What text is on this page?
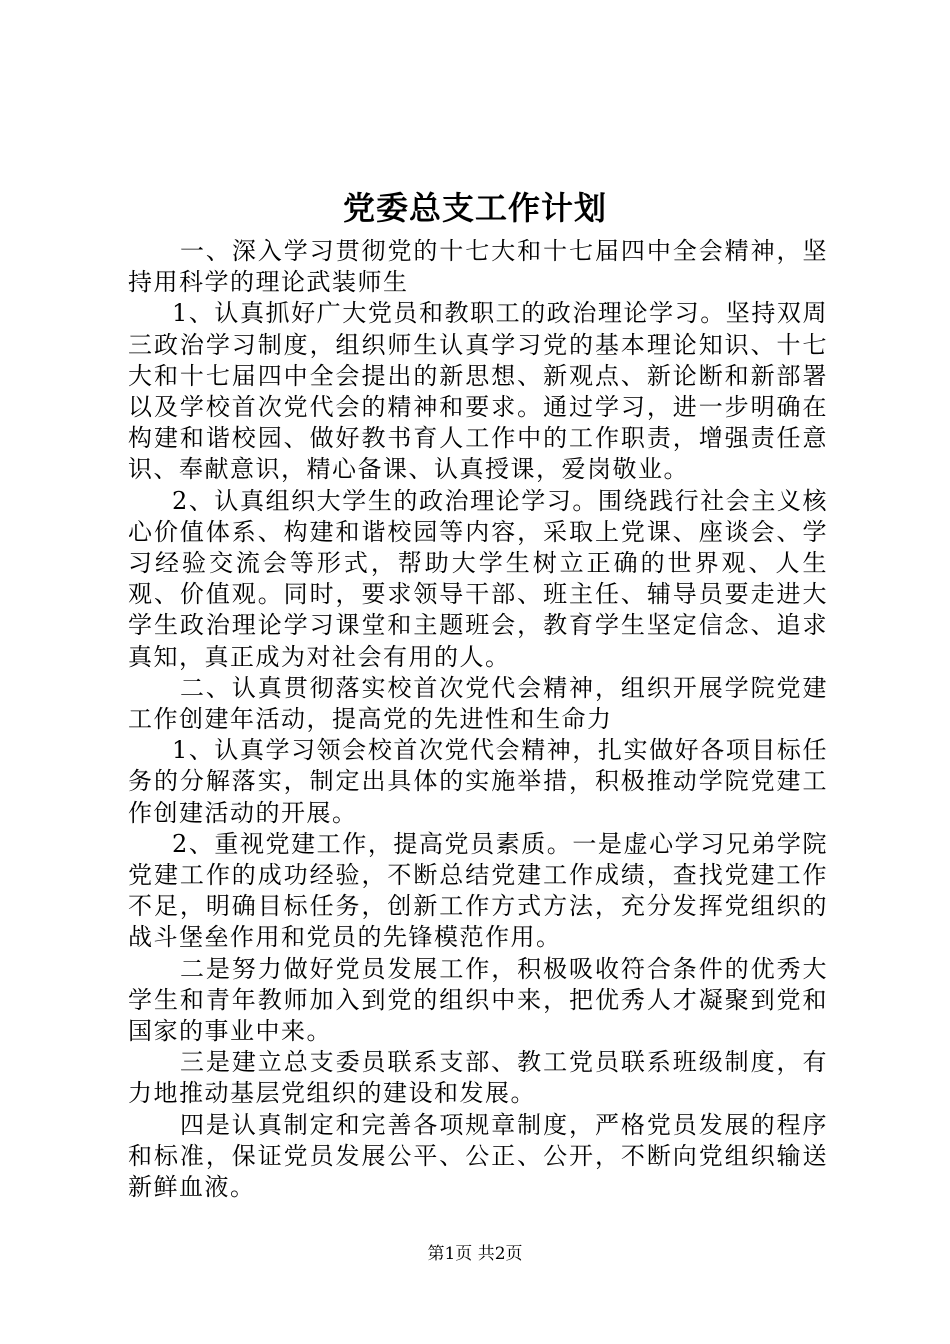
党委总支工作计划

一、深入学习贯彻党的十七大和十七届四中全会精神，坚持用科学的理论武装师生

1、认真抓好广大党员和教职工的政治理论学习。坚持双周三政治学习制度，组织师生认真学习党的基本理论知识、十七大和十七届四中全会提出的新思想、新观点、新论断和新部署以及学校首次党代会的精神和要求。通过学习，进一步明确在构建和谐校园、做好教书育人工作中的工作职责，增强责任意识、奉献意识，精心备课、认真授课，爱岗敬业。

2、认真组织大学生的政治理论学习。围绕践行社会主义核心价值体系、构建和谐校园等内容，采取上党课、座谈会、学习经验交流会等形式，帮助大学生树立正确的世界观、人生观、价值观。同时，要求领导干部、班主任、辅导员要走进大学生政治理论学习课堂和主题班会，教育学生坚定信念、追求真知，真正成为对社会有用的人。

二、认真贯彻落实校首次党代会精神，组织开展学院党建工作创建年活动，提高党的先进性和生命力

1、认真学习领会校首次党代会精神，扎实做好各项目标任务的分解落实，制定出具体的实施举措，积极推动学院党建工作创建活动的开展。

2、重视党建工作，提高党员素质。一是虚心学习兄弟学院党建工作的成功经验，不断总结党建工作成绩，查找党建工作不足，明确目标任务，创新工作方式方法，充分发挥党组织的战斗堡垒作用和党员的先锋模范作用。

二是努力做好党员发展工作，积极吸收符合条件的优秀大学生和青年教师加入到党的组织中来，把优秀人才凝聚到党和国家的事业中来。

三是建立总支委员联系支部、教工党员联系班级制度，有力地推动基层党组织的建设和发展。

四是认真制定和完善各项规章制度，严格党员发展的程序和标准，保证党员发展公平、公正、公开，不断向党组织输送新鲜血液。

第1页 共2页
